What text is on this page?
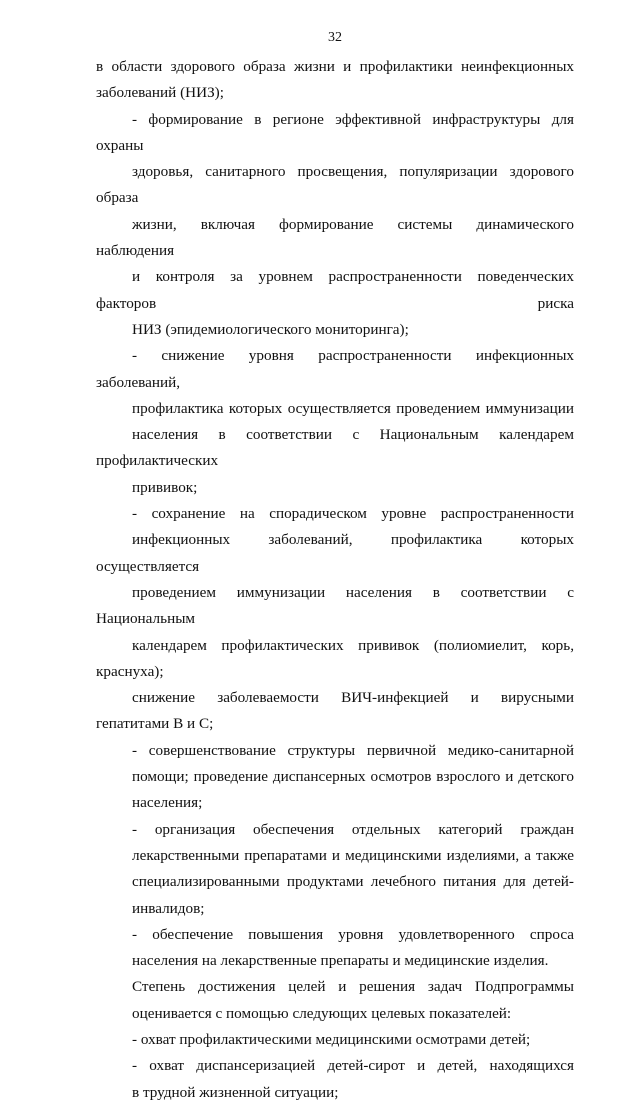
32

в области здорового образа жизни и профилактики неинфекционных
заболеваний (НИЗ);

- формирование в регионе эффективной инфраструктуры для охраны
здоровья, санитарного просвещения, популяризации здорового образа
жизни, включая формирование системы динамического наблюдения
и контроля за уровнем распространенности поведенческих факторов риска
НИЗ (эпидемиологического мониторинга);

- снижение уровня распространенности инфекционных заболеваний,
профилактика которых осуществляется проведением иммунизации
населения в соответствии с Национальным календарем профилактических
прививок;

- сохранение на спорадическом уровне распространенности
инфекционных заболеваний, профилактика которых осуществляется
проведением иммунизации населения в соответствии с Национальным
календарем профилактических прививок (полиомиелит, корь, краснуха);
снижение заболеваемости ВИЧ-инфекцией и вирусными гепатитами В и С;

- совершенствование структуры первичной медико-санитарной
помощи; проведение диспансерных осмотров взрослого и детского
населения;

- организация обеспечения отдельных категорий граждан
лекарственными препаратами и медицинскими изделиями, а также
специализированными продуктами лечебного питания для детей-
инвалидов;

- обеспечение повышения уровня удовлетворенного спроса
населения на лекарственные препараты и медицинские изделия.

Степень достижения целей и решения задач Подпрограммы
оценивается с помощью следующих целевых показателей:

- охват профилактическими медицинскими осмотрами детей;

- охват диспансеризацией детей-сирот и детей, находящихся
в трудной жизненной ситуации;
